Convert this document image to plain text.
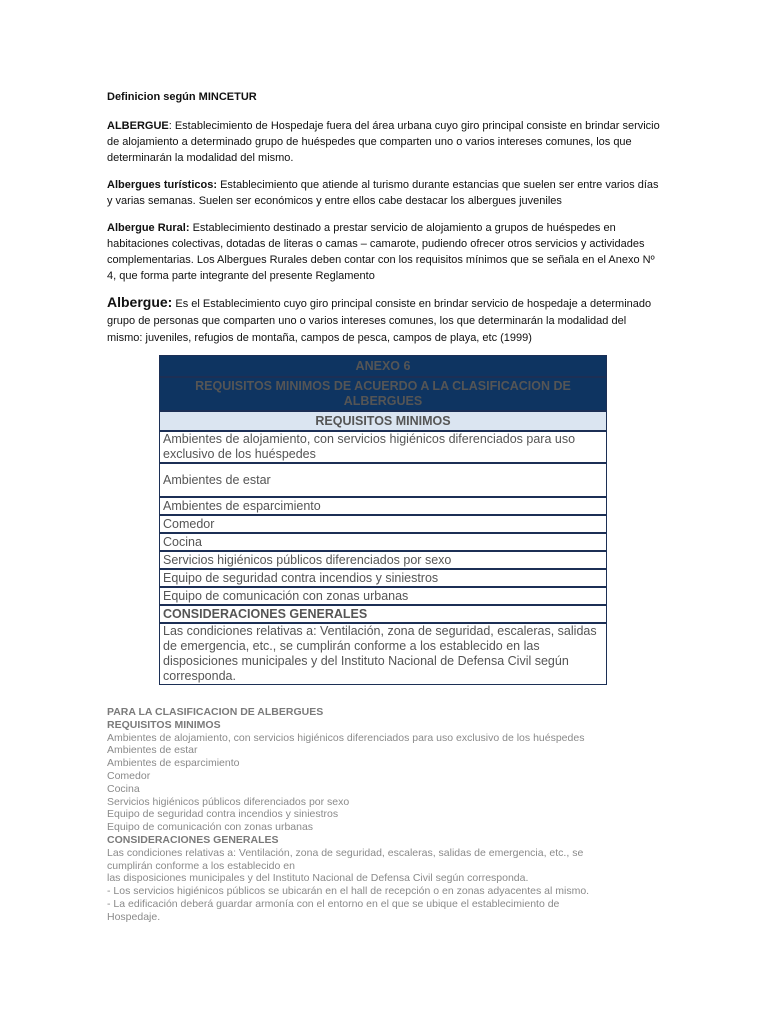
Definicion según MINCETUR
ALBERGUE: Establecimiento de Hospedaje fuera del área urbana cuyo giro principal consiste en brindar servicio de alojamiento a determinado grupo de huéspedes que comparten uno o varios intereses comunes, los que determinarán la modalidad del mismo.
Albergues turísticos: Establecimiento que atiende al turismo durante estancias que suelen ser entre varios días y varias semanas. Suelen ser económicos y entre ellos cabe destacar los albergues juveniles
Albergue Rural: Establecimiento destinado a prestar servicio de alojamiento a grupos de huéspedes en habitaciones colectivas, dotadas de literas o camas – camarote, pudiendo ofrecer otros servicios y actividades complementarias. Los Albergues Rurales deben contar con los requisitos mínimos que se señala en el Anexo Nº 4, que forma parte integrante del presente Reglamento
Albergue: Es el Establecimiento cuyo giro principal consiste en brindar servicio de hospedaje a determinado grupo de personas que comparten uno o varios intereses comunes, los que determinarán la modalidad del mismo: juveniles, refugios de montaña, campos de pesca, campos de playa, etc (1999)
ANEXO 6
REQUISITOS MINIMOS DE ACUERDO A LA CLASIFICACION DE ALBERGUES
REQUISITOS MINIMOS
Ambientes de alojamiento, con servicios higiénicos diferenciados para uso exclusivo de los huéspedes
Ambientes de estar
Ambientes de esparcimiento
Comedor
Cocina
Servicios higiénicos públicos diferenciados por sexo
Equipo de seguridad contra incendios y siniestros
Equipo de comunicación con zonas urbanas
CONSIDERACIONES GENERALES
Las condiciones relativas a: Ventilación, zona de seguridad, escaleras, salidas de emergencia, etc., se cumplirán conforme a los establecido en las disposiciones municipales y del Instituto Nacional de Defensa Civil según corresponda.
PARA LA CLASIFICACION DE ALBERGUES
REQUISITOS MINIMOS
Ambientes de alojamiento, con servicios higiénicos diferenciados para uso exclusivo de los huéspedes
Ambientes de estar
Ambientes de esparcimiento
Comedor
Cocina
Servicios higiénicos públicos diferenciados por sexo
Equipo de seguridad contra incendios y siniestros
Equipo de comunicación con zonas urbanas
CONSIDERACIONES GENERALES
Las condiciones relativas a: Ventilación, zona de seguridad, escaleras, salidas de emergencia, etc., se
cumplirán conforme a los establecido en
las disposiciones municipales y del Instituto Nacional de Defensa Civil según corresponda.
- Los servicios higiénicos públicos se ubicarán en el hall de recepción o en zonas adyacentes al mismo.
- La edificación deberá guardar armonía con el entorno en el que se ubique el establecimiento de
Hospedaje.
